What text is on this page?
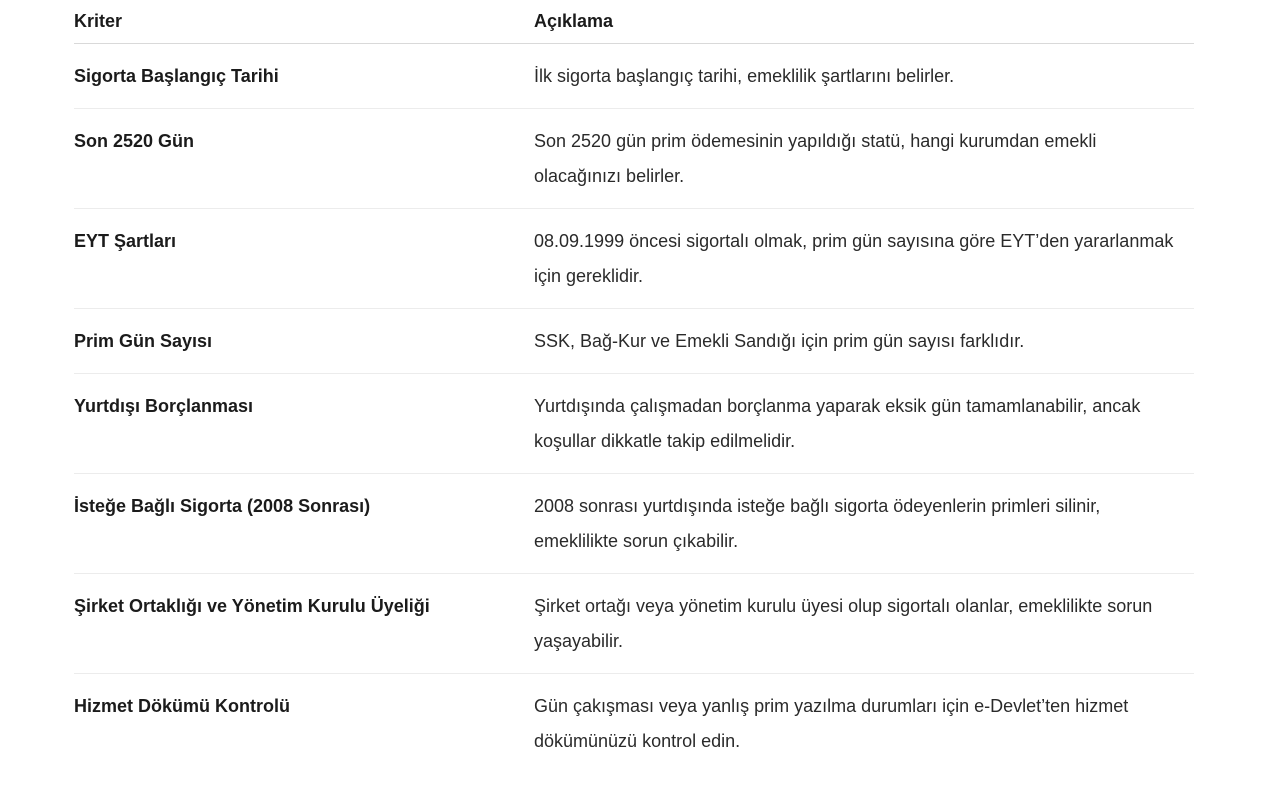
Kriter	Açıklama
Sigorta Başlangıç Tarihi	İlk sigorta başlangıç tarihi, emeklilik şartlarını belirler.
Son 2520 Gün	Son 2520 gün prim ödemesinin yapıldığı statü, hangi kurumdan emekli olacağınızı belirler.
EYT Şartları	08.09.1999 öncesi sigortalı olmak, prim gün sayısına göre EYT’den yararlanmak için gereklidir.
Prim Gün Sayısı	SSK, Bağ-Kur ve Emekli Sandığı için prim gün sayısı farklıdır.
Yurtdışı Borçlanması	Yurtdışında çalışmadan borçlanma yaparak eksik gün tamamlanabilir, ancak koşullar dikkatle takip edilmelidir.
İsteğe Bağlı Sigorta (2008 Sonrası)	2008 sonrası yurtdışında isteğe bağlı sigorta ödeyenlerin primleri silinir, emeklilikte sorun çıkabilir.
Şirket Ortaklığı ve Yönetim Kurulu Üyeliği	Şirket ortağı veya yönetim kurulu üyesi olup sigortalı olanlar, emeklilikte sorun yaşayabilir.
Hizmet Dökümü Kontrolü	Gün çakışması veya yanlış prim yazılma durumları için e-Devlet’ten hizmet dökümünüzü kontrol edin.
